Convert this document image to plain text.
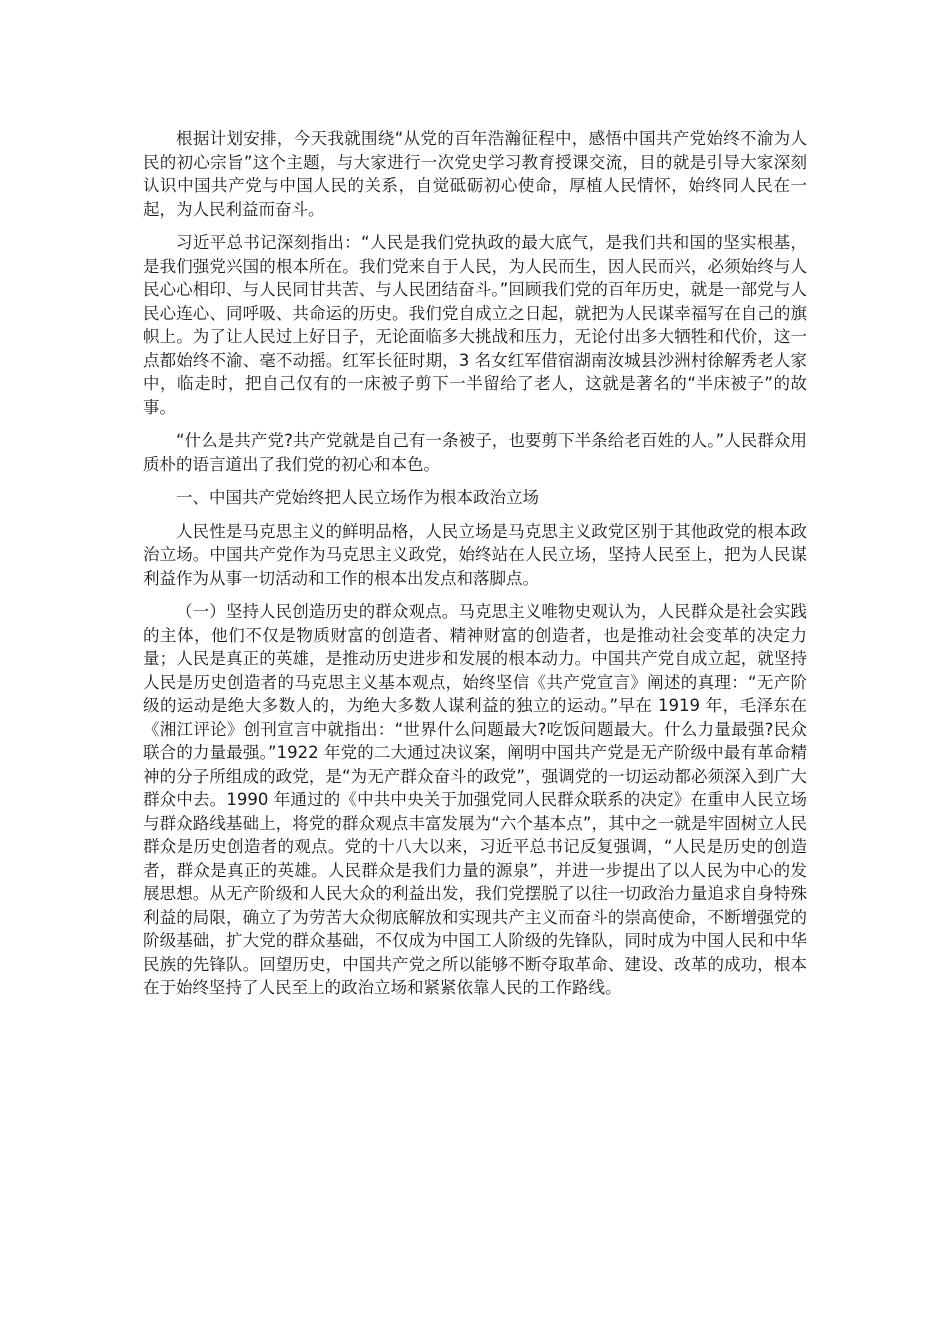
根据计划安排，今天我就围绕“从党的百年浩瀚征程中，感悟中国共产党始终不渝为人民的初心宗旨”这个主题，与大家进行一次党史学习教育授课交流，目的就是引导大家深刻认识中国共产党与中国人民的关系，自觉砥砺初心使命，厚植人民情怀，始终同人民在一起，为人民利益而奋斗。

习近平总书记深刻指出：“人民是我们党执政的最大底气，是我们共和国的坚实根基，是我们强党兴国的根本所在。我们党来自于人民，为人民而生，因人民而兴，必须始终与人民心心相印、与人民同甘共苦、与人民团结奋斗。”回顾我们党的百年历史，就是一部党与人民心连心、同呼吸、共命运的历史。我们党自成立之日起，就把为人民谋幸福写在自己的旗帜上。为了让人民过上好日子，无论面临多大挑战和压力，无论付出多大牺牲和代价，这一点都始终不渝、毫不动摇。红军长征时期，3 名女红军借宿湖南汝城县沙洲村徐解秀老人家中，临走时，把自己仅有的一床被子剪下一半留给了老人，这就是著名的“半床被子”的故事。

“什么是共产党?共产党就是自己有一条被子，也要剪下半条给老百姓的人。”人民群众用质朴的语言道出了我们党的初心和本色。

一、中国共产党始终把人民立场作为根本政治立场

人民性是马克思主义的鲜明品格，人民立场是马克思主义政党区别于其他政党的根本政治立场。中国共产党作为马克思主义政党，始终站在人民立场，坚持人民至上，把为人民谋利益作为从事一切活动和工作的根本出发点和落脚点。

（一）坚持人民创造历史的群众观点。马克思主义唯物史观认为，人民群众是社会实践的主体，他们不仅是物质财富的创造者、精神财富的创造者，也是推动社会变革的决定力量；人民是真正的英雄，是推动历史进步和发展的根本动力。中国共产党自成立起，就坚持人民是历史创造者的马克思主义基本观点，始终坚信《共产党宣言》阐述的真理：“无产阶级的运动是绝大多数人的，为绝大多数人谋利益的独立的运动。”早在 1919 年，毛泽东在《湘江评论》创刊宣言中就指出：“世界什么问题最大?吃饭问题最大。什么力量最强?民众联合的力量最强。”1922 年党的二大通过决议案，阐明中国共产党是无产阶级中最有革命精神的分子所组成的政党，是“为无产群众奋斗的政党”，强调党的一切运动都必须深入到广大群众中去。1990 年通过的《中共中央关于加强党同人民群众联系的决定》在重申人民立场与群众路线基础上，将党的群众观点丰富发展为“六个基本点”，其中之一就是牢固树立人民群众是历史创造者的观点。党的十八大以来，习近平总书记反复强调，“人民是历史的创造者，群众是真正的英雄。人民群众是我们力量的源泉”，并进一步提出了以人民为中心的发展思想。从无产阶级和人民大众的利益出发，我们党摆脱了以往一切政治力量追求自身特殊利益的局限，确立了为劳苦大众彻底解放和实现共产主义而奋斗的崇高使命，不断增强党的阶级基础，扩大党的群众基础，不仅成为中国工人阶级的先锋队，同时成为中国人民和中华民族的先锋队。回望历史，中国共产党之所以能够不断夺取革命、建设、改革的成功，根本在于始终坚持了人民至上的政治立场和紧紧依靠人民的工作路线。
